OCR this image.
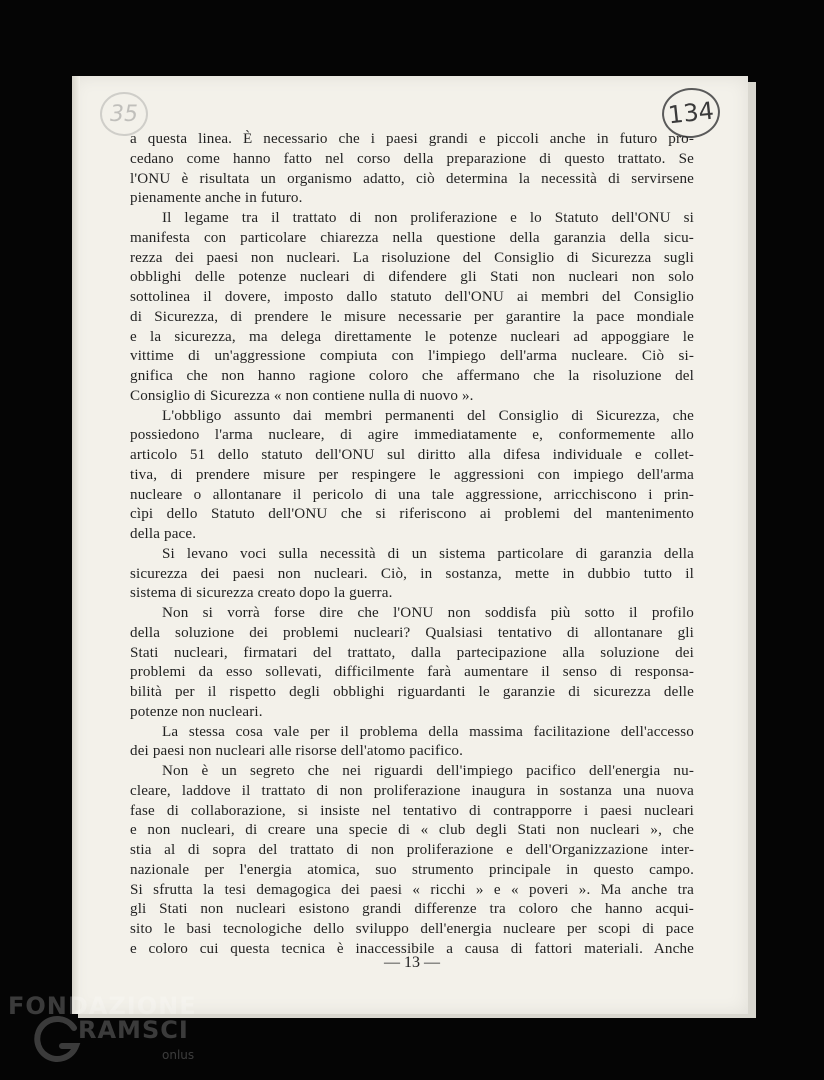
35	134
a questa linea. È necessario che i paesi grandi e piccoli anche in futuro pro-
cedano come hanno fatto nel corso della preparazione di questo trattato. Se
l'ONU è risultata un organismo adatto, ciò determina la necessità di servirsene
pienamente anche in futuro.
Il legame tra il trattato di non proliferazione e lo Statuto dell'ONU si
manifesta con particolare chiarezza nella questione della garanzia della sicu-
rezza dei paesi non nucleari. La risoluzione del Consiglio di Sicurezza sugli
obblighi delle potenze nucleari di difendere gli Stati non nucleari non solo
sottolinea il dovere, imposto dallo statuto dell'ONU ai membri del Consiglio
di Sicurezza, di prendere le misure necessarie per garantire la pace mondiale
e la sicurezza, ma delega direttamente le potenze nucleari ad appoggiare le
vittime di un'aggressione compiuta con l'impiego dell'arma nucleare. Ciò si-
gnifica che non hanno ragione coloro che affermano che la risoluzione del
Consiglio di Sicurezza « non contiene nulla di nuovo ».
L'obbligo assunto dai membri permanenti del Consiglio di Sicurezza, che
possiedono l'arma nucleare, di agire immediatamente e, conformemente allo
articolo 51 dello statuto dell'ONU sul diritto alla difesa individuale e collet-
tiva, di prendere misure per respingere le aggressioni con impiego dell'arma
nucleare o allontanare il pericolo di una tale aggressione, arricchiscono i prin-
cìpi dello Statuto dell'ONU che si riferiscono ai problemi del mantenimento
della pace.
Si levano voci sulla necessità di un sistema particolare di garanzia della
sicurezza dei paesi non nucleari. Ciò, in sostanza, mette in dubbio tutto il
sistema di sicurezza creato dopo la guerra.
Non si vorrà forse dire che l'ONU non soddisfa più sotto il profilo
della soluzione dei problemi nucleari? Qualsiasi tentativo di allontanare gli
Stati nucleari, firmatari del trattato, dalla partecipazione alla soluzione dei
problemi da esso sollevati, difficilmente farà aumentare il senso di responsa-
bilità per il rispetto degli obblighi riguardanti le garanzie di sicurezza delle
potenze non nucleari.
La stessa cosa vale per il problema della massima facilitazione dell'accesso
dei paesi non nucleari alle risorse dell'atomo pacifico.
Non è un segreto che nei riguardi dell'impiego pacifico dell'energia nu-
cleare, laddove il trattato di non proliferazione inaugura in sostanza una nuova
fase di collaborazione, si insiste nel tentativo di contrapporre i paesi nucleari
e non nucleari, di creare una specie di « club degli Stati non nucleari », che
stia al di sopra del trattato di non proliferazione e dell'Organizzazione inter-
nazionale per l'energia atomica, suo strumento principale in questo campo.
Si sfrutta la tesi demagogica dei paesi « ricchi » e « poveri ». Ma anche tra
gli Stati non nucleari esistono grandi differenze tra coloro che hanno acqui-
sito le basi tecnologiche dello sviluppo dell'energia nucleare per scopi di pace
e coloro cui questa tecnica è inaccessibile a causa di fattori materiali. Anche
— 13 —
FONDAZIONE
RAMSCI
onlus
